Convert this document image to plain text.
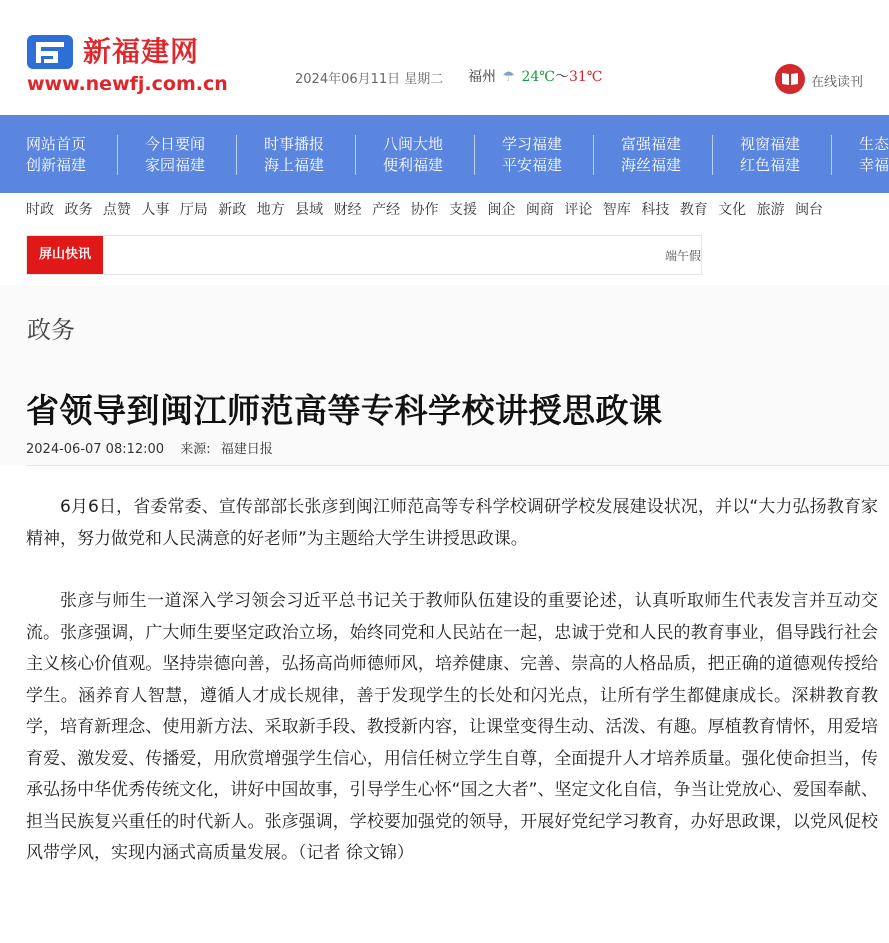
新福建网
www.newfj.com.cn	2024年06月11日 星期二 福州 ☂ 24℃～31℃	在线读刊
网站首页
创新福建
今日要闻
家园福建
时事播报
海上福建
八闽大地
便利福建
学习福建
平安福建
富强福建
海丝福建
视窗福建
红色福建
生态
幸福
时政 政务 点赞 人事 厅局 新政 地方 县域 财经 产经 协作 支援 闽企 闽商 评论 智库 科技 教育 文化 旅游 闽台
屏山快讯	端午假
政务
省领导到闽江师范高等专科学校讲授思政课
2024-06-07 08:12:00 来源: 福建日报

6月6日，省委常委、宣传部部长张彦到闽江师范高等专科学校调研学校发展建设状况，并以“大力弘扬教育家精神，努力做党和人民满意的好老师”为主题给大学生讲授思政课。

张彦与师生一道深入学习领会习近平总书记关于教师队伍建设的重要论述，认真听取师生代表发言并互动交流。张彦强调，广大师生要坚定政治立场，始终同党和人民站在一起，忠诚于党和人民的教育事业，倡导践行社会主义核心价值观。坚持崇德向善，弘扬高尚师德师风，培养健康、完善、崇高的人格品质，把正确的道德观传授给学生。涵养育人智慧，遵循人才成长规律，善于发现学生的长处和闪光点，让所有学生都健康成长。深耕教育教学，培育新理念、使用新方法、采取新手段、教授新内容，让课堂变得生动、活泼、有趣。厚植教育情怀，用爱培育爱、激发爱、传播爱，用欣赏增强学生信心，用信任树立学生自尊，全面提升人才培养质量。强化使命担当，传承弘扬中华优秀传统文化，讲好中国故事，引导学生心怀“国之大者”、坚定文化自信，争当让党放心、爱国奉献、担当民族复兴重任的时代新人。张彦强调，学校要加强党的领导，开展好党纪学习教育，办好思政课，以党风促校风带学风，实现内涵式高质量发展。（记者 徐文锦）
